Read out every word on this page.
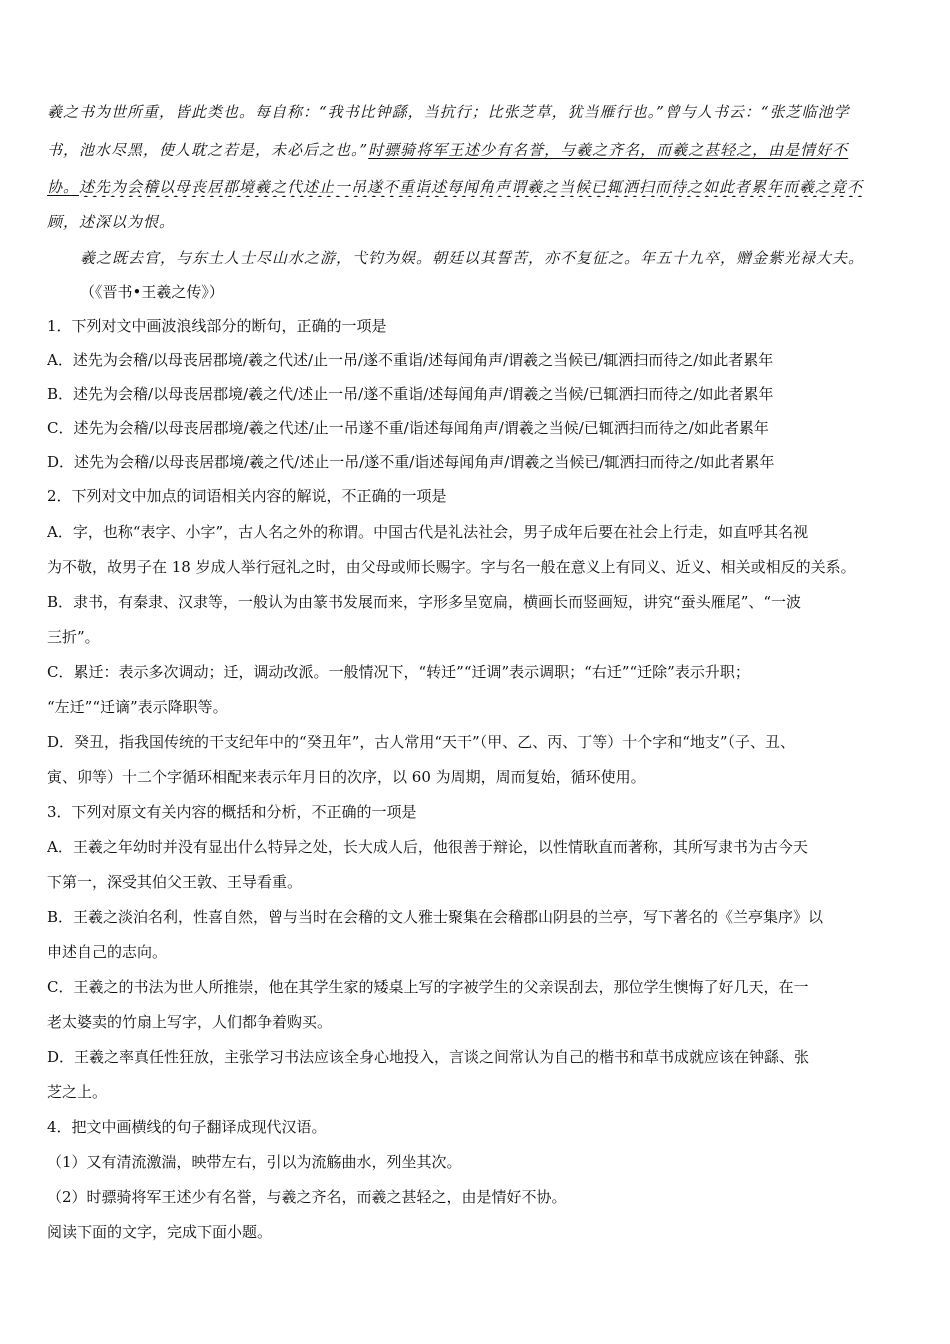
羲之书为世所重，皆此类也。每自称：“我书比钟繇，当抗行；比张芝草，犹当雁行也。”曾与人书云：“张芝临池学
书，池水尽黑，使人耽之若是，未必后之也。”时骠骑将军王述少有名誉，与羲之齐名，而羲之甚轻之，由是情好不
协。述先为会稽以母丧居郡境羲之代述止一吊遂不重诣述每闻角声谓羲之当候已辄洒扫而待之如此者累年而羲之竟不
顾，述深以为恨。
羲之既去官，与东土人士尽山水之游，弋钓为娱。朝廷以其誓苦，亦不复征之。年五十九卒，赠金紫光禄大夫。
（《晋书•王羲之传》）
1．下列对文中画波浪线部分的断句，正确的一项是
A．述先为会稽/以母丧居郡境/羲之代述/止一吊/遂不重诣/述每闻角声/谓羲之当候已/辄洒扫而待之/如此者累年
B．述先为会稽/以母丧居郡境/羲之代/述止一吊/遂不重诣/述每闻角声/谓羲之当候/已辄洒扫而待之/如此者累年
C．述先为会稽/以母丧居郡境/羲之代述/止一吊遂不重/诣述每闻角声/谓羲之当候/已辄洒扫而待之/如此者累年
D．述先为会稽/以母丧居郡境/羲之代/述止一吊/遂不重/诣述每闻角声/谓羲之当候已/辄洒扫而待之/如此者累年
2．下列对文中加点的词语相关内容的解说，不正确的一项是
A．字，也称“表字、小字”，古人名之外的称谓。中国古代是礼法社会，男子成年后要在社会上行走，如直呼其名视
为不敬，故男子在 18 岁成人举行冠礼之时，由父母或师长赐字。字与名一般在意义上有同义、近义、相关或相反的关系。
B．隶书，有秦隶、汉隶等，一般认为由篆书发展而来，字形多呈宽扁，横画长而竖画短，讲究“蚕头雁尾”、“一波
三折”。
C．累迁：表示多次调动；迁，调动改派。一般情况下，“转迁”“迁调”表示调职；“右迁”“迁除”表示升职；
“左迁”“迁谪”表示降职等。
D．癸丑，指我国传统的干支纪年中的“癸丑年”，古人常用“天干”（甲、乙、丙、丁等）十个字和“地支”（子、丑、
寅、卯等）十二个字循环相配来表示年月日的次序，以 60 为周期，周而复始，循环使用。
3．下列对原文有关内容的概括和分析，不正确的一项是
A．王羲之年幼时并没有显出什么特异之处，长大成人后，他很善于辩论，以性情耿直而著称，其所写隶书为古今天
下第一，深受其伯父王敦、王导看重。
B．王羲之淡泊名利，性喜自然，曾与当时在会稽的文人雅士聚集在会稽郡山阴县的兰亭，写下著名的《兰亭集序》以
申述自己的志向。
C．王羲之的书法为世人所推崇，他在其学生家的矮桌上写的字被学生的父亲误刮去，那位学生懊悔了好几天，在一
老太婆卖的竹扇上写字，人们都争着购买。
D．王羲之率真任性狂放，主张学习书法应该全身心地投入，言谈之间常认为自己的楷书和草书成就应该在钟繇、张
芝之上。
4．把文中画横线的句子翻译成现代汉语。
（1）又有清流激湍，映带左右，引以为流觞曲水，列坐其次。
（2）时骠骑将军王述少有名誉，与羲之齐名，而羲之甚轻之，由是情好不协。
阅读下面的文字，完成下面小题。
